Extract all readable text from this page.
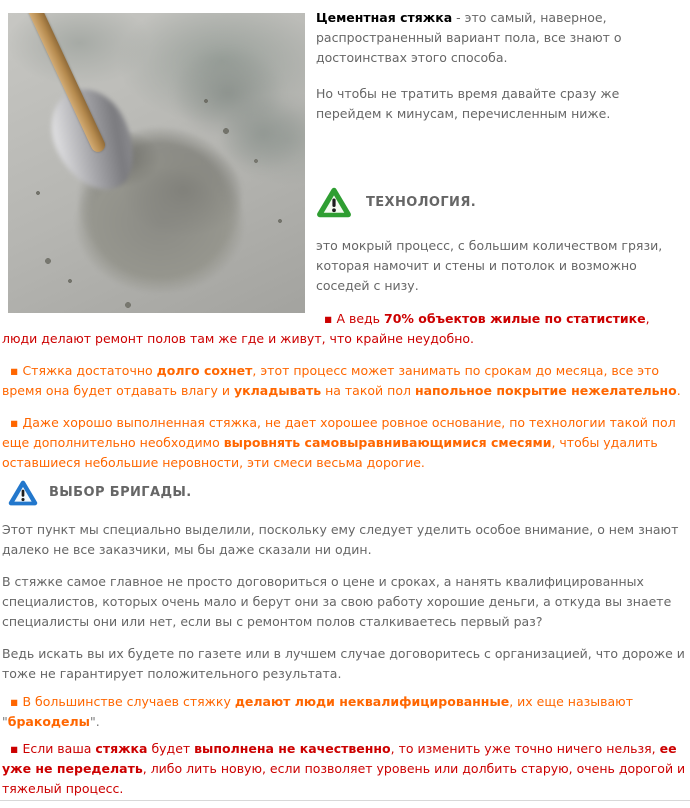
Цементная стяжка - это самый, наверное, распространенный вариант пола, все знают о достоинствах этого способа.

Но чтобы не тратить время давайте сразу же перейдем к минусам, перечисленным ниже.

ТЕХНОЛОГИЯ.

это мокрый процесс, с большим количеством грязи, которая намочит и стены и потолок и возможно соседей с низу.

▪ А ведь 70% объектов жилые по статистике, люди делают ремонт полов там же где и живут, что крайне неудобно.

▪ Стяжка достаточно долго сохнет, этот процесс может занимать по срокам до месяца, все это время она будет отдавать влагу и укладывать на такой пол напольное покрытие нежелательно.

▪ Даже хорошо выполненная стяжка, не дает хорошее ровное основание, по технологии такой пол еще дополнительно необходимо выровнять самовыравнивающимися смесями, чтобы удалить оставшиеся небольшие неровности, эти смеси весьма дорогие.

ВЫБОР БРИГАДЫ.

Этот пункт мы специально выделили, поскольку ему следует уделить особое внимание, о нем знают далеко не все заказчики, мы бы даже сказали ни один.

В стяжке самое главное не просто договориться о цене и сроках, а нанять квалифицированных специалистов, которых очень мало и берут они за свою работу хорошие деньги, а откуда вы знаете специалисты они или нет, если вы с ремонтом полов сталкиваетесь первый раз?

Ведь искать вы их будете по газете или в лучшем случае договоритесь с организацией, что дороже и тоже не гарантирует положительного результата.

▪ В большинстве случаев стяжку делают люди неквалифицированные, их еще называют "бракоделы".

▪ Если ваша стяжка будет выполнена не качественно, то изменить уже точно ничего нельзя, ее уже не переделать, либо лить новую, если позволяет уровень или долбить старую, очень дорогой и тяжелый процесс.
